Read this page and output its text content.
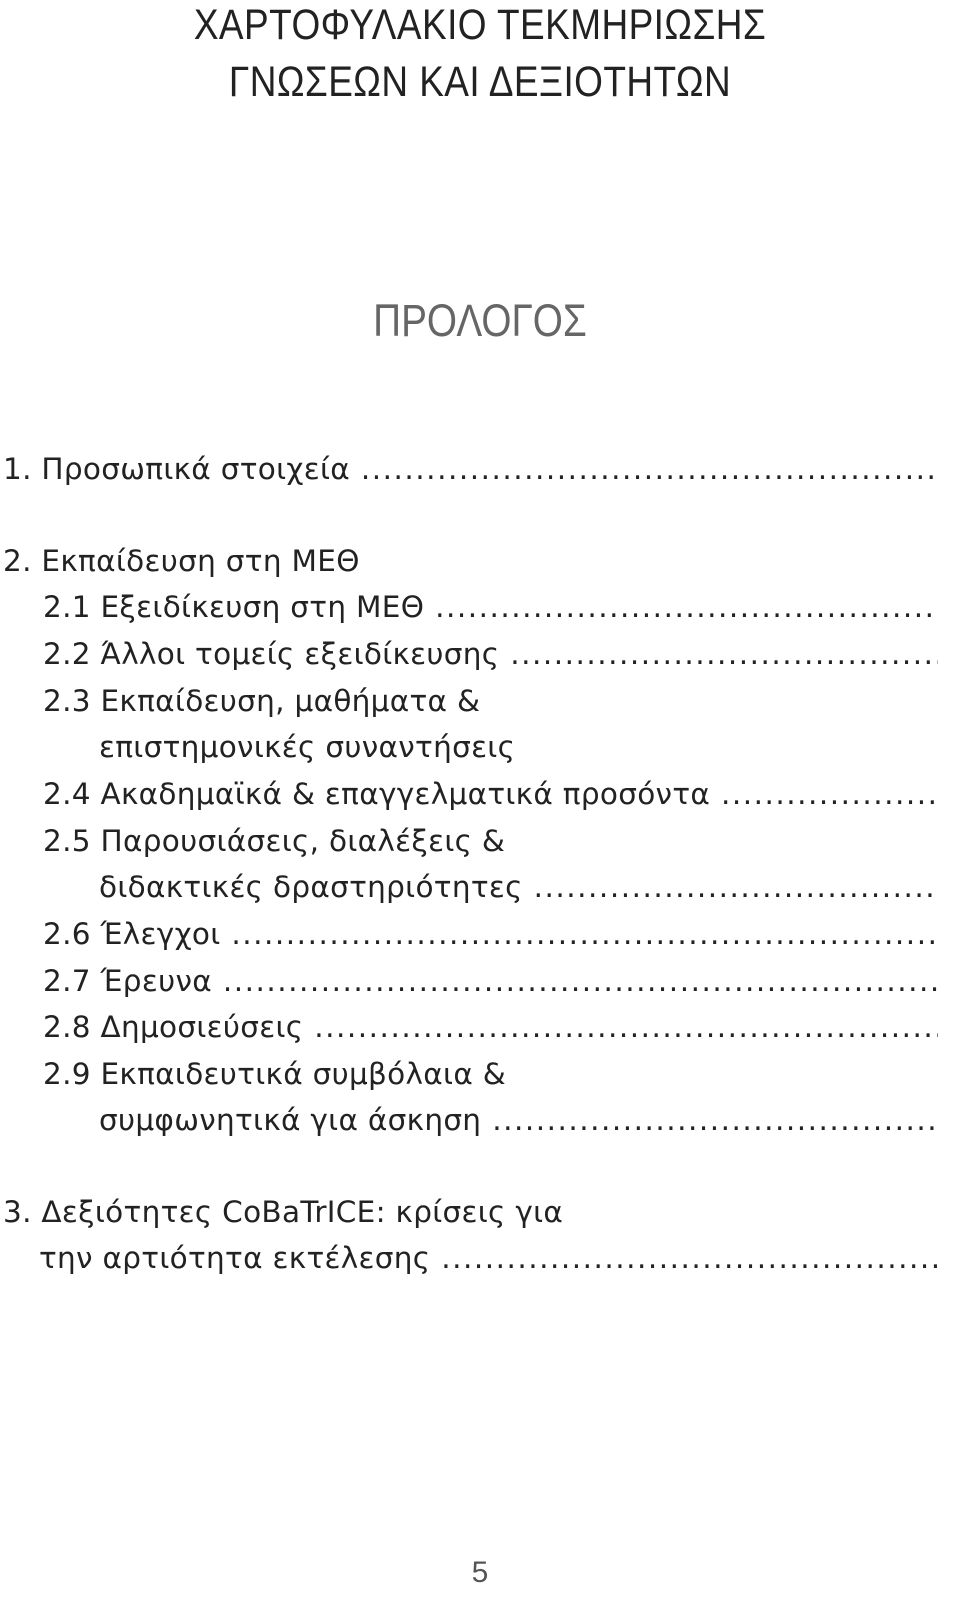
ΧΑΡΤΟΦΥΛΑΚΙΟ ΤΕΚΜΗΡΙΩΣΗΣ
ΓΝΩΣΕΩΝ ΚΑΙ ΔΕΞΙΟΤΗΤΩΝ
ΠΡΟΛΟΓΟΣ
1. Προσωπικά στοιχεία .....
2. Εκπαίδευση στη ΜΕΘ
2.1 Εξειδίκευση στη ΜΕΘ .....
2.2 Άλλοι τομείς εξειδίκευσης .....
2.3 Εκπαίδευση, μαθήματα &
επιστημονικές συναντήσεις
2.4 Ακαδημαϊκά & επαγγελματικά προσόντα .....
2.5 Παρουσιάσεις, διαλέξεις &
διδακτικές δραστηριότητες .....
2.6 Έλεγχοι .....
2.7 Έρευνα .....
2.8 Δημοσιεύσεις .....
2.9 Εκπαιδευτικά συμβόλαια &
συμφωνητικά για άσκηση .....
3. Δεξιότητες CoBaTrICE: κρίσεις για
την αρτιότητα εκτέλεσης .....
5
